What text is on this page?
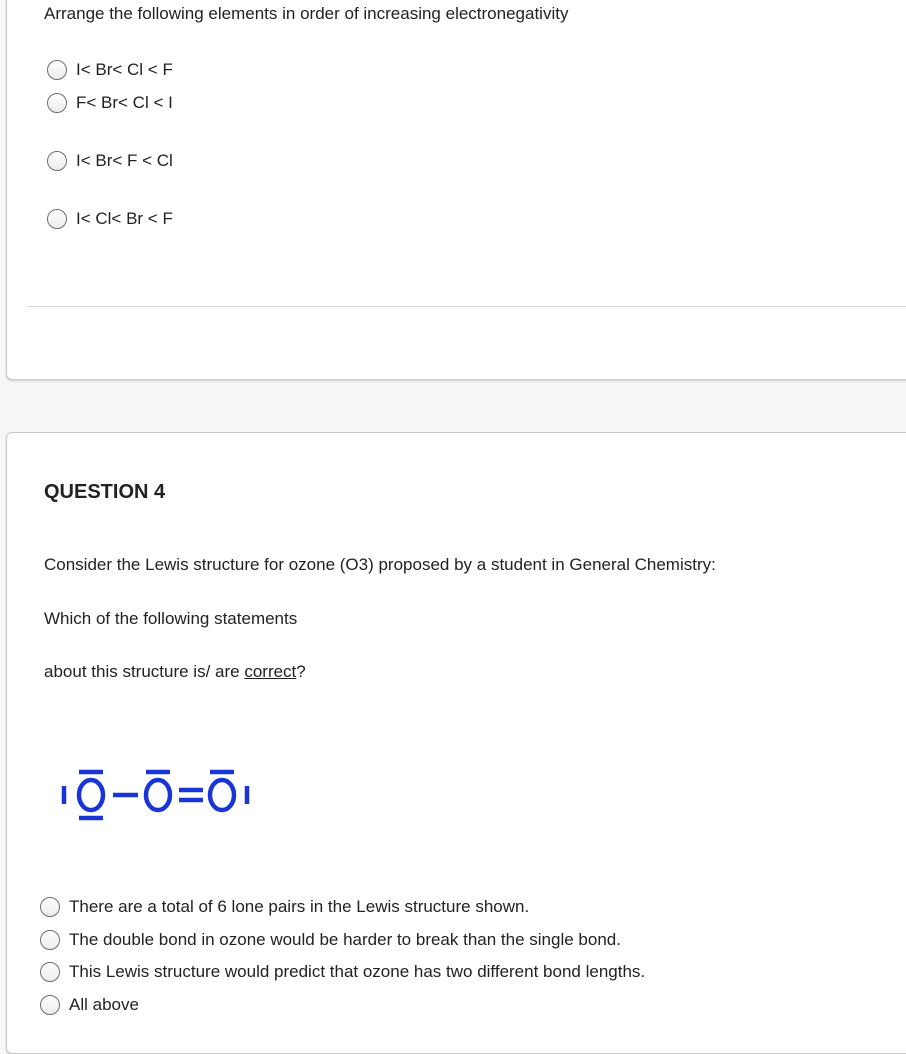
Arrange the following elements in order of increasing electronegativity
I< Br< Cl < F
F< Br< Cl < I
I< Br< F < Cl
I< Cl< Br < F
QUESTION 4
Consider the Lewis structure for ozone (O3) proposed by a student in General Chemistry:
Which of the following statements
about this structure is/ are correct?
There are a total of 6 lone pairs in the Lewis structure shown.
The double bond in ozone would be harder to break than the single bond.
This Lewis structure would predict that ozone has two different bond lengths.
All above
